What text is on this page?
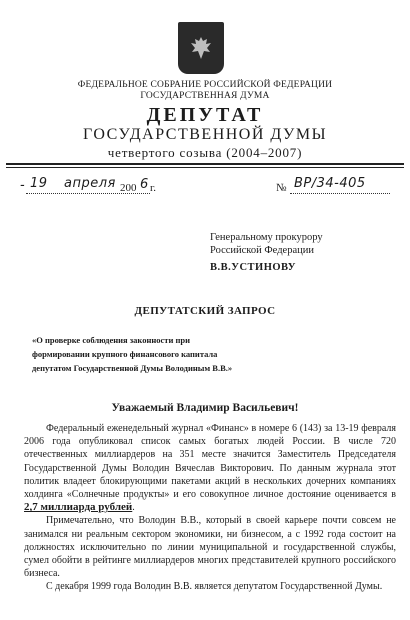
ФЕДЕРАЛЬНОЕ СОБРАНИЕ РОССИЙСКОЙ ФЕДЕРАЦИИ
ГОСУДАРСТВЕННАЯ ДУМА
ДЕПУТАТ
ГОСУДАРСТВЕННОЙ ДУМЫ
четвертого созыва (2004–2007)
- 19 апреля 200 6 г.	№ ВР/34-405
Генеральному прокурору
Российской Федерации
В.В.УСТИНОВУ
ДЕПУТАТСКИЙ ЗАПРОС
«О проверке соблюдения законности при
формировании крупного финансового капитала
депутатом Государственной Думы Володиным В.В.»
Уважаемый Владимир Васильевич!

Федеральный еженедельный журнал «Финанс» в номере 6 (143) за 13-19 февраля 2006 года опубликовал список самых богатых людей России. В числе 720 отечественных миллиардеров на 351 месте значится Заместитель Председателя Государственной Думы Володин Вячеслав Викторович. По данным журнала этот политик владеет блокирующими пакетами акций в нескольких дочерних компаниях холдинга «Солнечные продукты» и его совокупное личное достояние оценивается в 2,7 миллиарда рублей.

Примечательно, что Володин В.В., который в своей карьере почти совсем не занимался ни реальным сектором экономики, ни бизнесом, а с 1992 года состоит на должностях исключительно по линии муниципальной и государственной службы, сумел обойти в рейтинге миллиардеров многих представителей крупного российского бизнеса.

С декабря 1999 года Володин В.В. является депутатом Государственной Думы.
